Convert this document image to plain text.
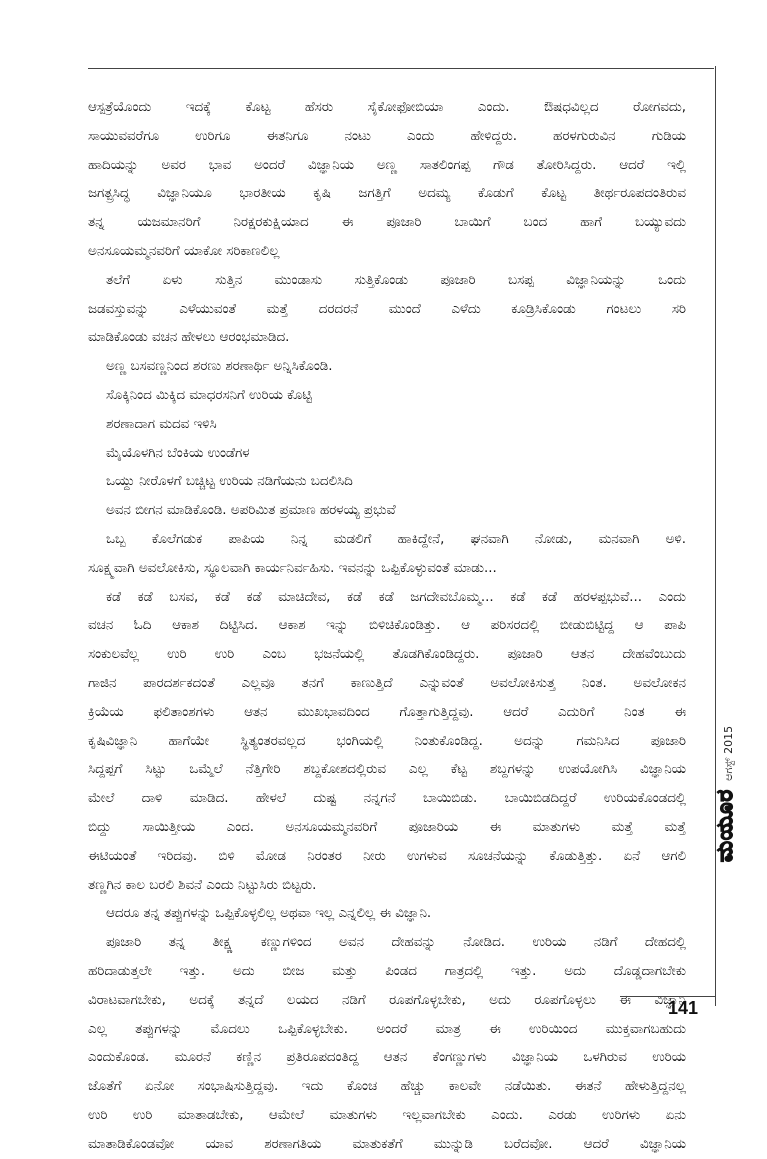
ಆಸ್ಪತ್ರೆಯೊಂದು ಇದಕ್ಕೆ ಕೊಟ್ಟ ಹೆಸರು ಸೈಕೋಫೋಬಿಯಾ ಎಂದು. ಔಷಧವಿಲ್ಲದ ರೋಗವದು,
ಸಾಯುವವರೆಗೂ ಉರಿಗೂ ಈತನಿಗೂ ನಂಟು ಎಂದು ಹೇಳಿದ್ದರು. ಹರಳಗುರುವಿನ ಗುಡಿಯ
ಹಾದಿಯನ್ನು ಅವರ ಭಾವ ಅಂದರೆ ವಿಜ್ಞಾನಿಯ ಅಣ್ಣ ಸಾತಲಿಂಗಪ್ಪ ಗೌಡ ತೋರಿಸಿದ್ದರು. ಆದರೆ ಇಲ್ಲಿ
ಜಗತ್ಪ್ರಸಿದ್ಧ ವಿಜ್ಞಾನಿಯೂ ಭಾರತೀಯ ಕೃಷಿ ಜಗತ್ತಿಗೆ ಅದಮ್ಯ ಕೊಡುಗೆ ಕೊಟ್ಟ ತೀರ್ಥರೂಪದಂತಿರುವ
ತನ್ನ ಯಜಮಾನರಿಗೆ ನಿರಕ್ಷರಕುಕ್ಷಿಯಾದ ಈ ಪೂಜಾರಿ ಬಾಯಿಗೆ ಬಂದ ಹಾಗೆ ಬಯ್ಯುವದು
ಅನಸೂಯಮ್ಮನವರಿಗೆ ಯಾಕೋ ಸರಿಕಾಣಲಿಲ್ಲ
ತಲೆಗೆ ಏಳು ಸುತ್ತಿನ ಮುಂಡಾಸು ಸುತ್ತಿಕೊಂಡು ಪೂಜಾರಿ ಬಸಪ್ಪ ವಿಜ್ಞಾನಿಯನ್ನು ಒಂದು
ಜಡವಸ್ತುವನ್ನು ಎಳೆಯುವಂತೆ ಮತ್ತೆ ದರದರನೆ ಮುಂದೆ ಎಳೆದು ಕೂಡ್ರಿಸಿಕೊಂಡು ಗಂಟಲು ಸರಿ
ಮಾಡಿಕೊಂಡು ವಚನ ಹೇಳಲು ಆರಂಭಮಾಡಿದ.
ಅಣ್ಣ ಬಸವಣ್ಣನಿಂದ ಶರಣು ಶರಣಾರ್ಥಿ ಅನ್ನಿಸಿಕೊಂಡಿ.
ಸೊಕ್ಕಿನಿಂದ ಮಿಕ್ಕಿದ ಮಾಧರಸನಿಗೆ ಉರಿಯ ಕೊಟ್ಟಿ
ಶರಣಾದಾಗ ಮದವ ಇಳಿಸಿ
ಮೈಯೊಳಗಿನ ಬೆಂಕಿಯ ಉಂಡೆಗಳ
ಒಯ್ದು ನೀರೊಳಗೆ ಬಚ್ಚಿಟ್ಟ ಉರಿಯ ನಡಿಗೆಯನು ಬದಲಿಸಿದಿ
ಅವನ ಬೀಗನ ಮಾಡಿಕೊಂಡಿ. ಅಪರಿಮಿತ ಪ್ರಮಾಣ ಹರಳಯ್ಯ ಪ್ರಭುವೆ
ಒಬ್ಬ ಕೊಲೆಗಡುಕ ಪಾಪಿಯ ನಿನ್ನ ಮಡಲಿಗೆ ಹಾಕಿದ್ದೇನೆ, ಘನವಾಗಿ ನೋಡು, ಮನವಾಗಿ ಅಳಿ.
ಸೂಕ್ಷ್ಮವಾಗಿ ಅವಲೋಕಿಸು, ಸ್ಥೂಲವಾಗಿ ಕಾರ್ಯನಿರ್ವಹಿಸು. ಇವನನ್ನು ಒಪ್ಪಿಕೊಳ್ಳುವಂತೆ ಮಾಡು...
ಕಡೆ ಕಡೆ ಬಸವ, ಕಡೆ ಕಡೆ ಮಾಚಿದೇವ, ಕಡೆ ಕಡೆ ಜಗದೇವಬೊಮ್ಮ... ಕಡೆ ಕಡೆ ಹರಳಪ್ಪಭುವೆ... ಎಂದು
ವಚನ ಓದಿ ಆಕಾಶ ದಿಟ್ಟಿಸಿದ. ಆಕಾಶ ಇನ್ನು ಬಿಳಿಚಿಕೊಂಡಿತ್ತು. ಆ ಪರಿಸರದಲ್ಲಿ ಬೀಡುಬಿಟ್ಟಿದ್ದ ಆ ಪಾಪಿ
ಸಂಕುಲವೆಲ್ಲ ಉರಿ ಉರಿ ಎಂಬ ಭಜನೆಯಲ್ಲಿ ತೊಡಗಿಕೊಂಡಿದ್ದರು. ಪೂಜಾರಿ ಆತನ ದೇಹವೆಂಬುದು
ಗಾಜಿನ ಪಾರದರ್ಶಕದಂತೆ ಎಲ್ಲವೂ ತನಗೆ ಕಾಣುತ್ತಿದೆ ಎನ್ನುವಂತೆ ಅವಲೋಕಿಸುತ್ತ ನಿಂತ. ಅವಲೋಕನ
ಕ್ರಿಯೆಯ ಫಲಿತಾಂಶಗಳು ಆತನ ಮುಖಭಾವದಿಂದ ಗೊತ್ತಾಗುತ್ತಿದ್ದವು. ಆದರೆ ಎದುರಿಗೆ ನಿಂತ ಈ
ಕೃಷಿವಿಜ್ಞಾನಿ ಹಾಗೆಯೇ ಸ್ಥಿತ್ಯಂತರವಲ್ಲದ ಭಂಗಿಯಲ್ಲಿ ನಿಂತುಕೊಂಡಿದ್ದ. ಅದನ್ನು ಗಮನಿಸಿದ ಪೂಜಾರಿ
ಸಿದ್ದಪ್ಪಗೆ ಸಿಟ್ಟು ಒಮ್ಮೆಲೆ ನೆತ್ತಿಗೇರಿ ಶಬ್ದಕೋಶದಲ್ಲಿರುವ ಎಲ್ಲ ಕೆಟ್ಟ ಶಬ್ದಗಳನ್ನು ಉಪಯೋಗಿಸಿ ವಿಜ್ಞಾನಿಯ
ಮೇಲೆ ದಾಳಿ ಮಾಡಿದ. ಹೇಳಲೆ ದುಷ್ಟ ನನ್ನಗನೆ ಬಾಯಿಬಿಡು. ಬಾಯಿಬಿಡದಿದ್ದರೆ ಉರಿಯಕೊಂಡದಲ್ಲಿ
ಬಿದ್ದು ಸಾಯಿತ್ತೀಯ ಎಂದ. ಅನಸೂಯಮ್ಮನವರಿಗೆ ಪೂಜಾರಿಯ ಈ ಮಾತುಗಳು ಮತ್ತೆ ಮತ್ತೆ
ಈಟಿಯಂತೆ ಇರಿದವು. ಬಿಳಿ ಮೋಡ ನಿರಂತರ ನೀರು ಉಗಳುವ ಸೂಚನೆಯನ್ನು ಕೊಡುತ್ತಿತ್ತು. ಏನೆ ಆಗಲಿ
ತಣ್ಣಗಿನ ಕಾಲ ಬರಲಿ ಶಿವನೆ ಎಂದು ನಿಟ್ಟುಸಿರು ಬಿಟ್ಟರು.
ಆದರೂ ತನ್ನ ತಪ್ಪುಗಳನ್ನು ಒಪ್ಪಿಕೊಳ್ಳಲಿಲ್ಲ ಅಥವಾ ಇಲ್ಲ ಎನ್ನಲಿಲ್ಲ ಈ ವಿಜ್ಞಾನಿ.
ಪೂಜಾರಿ ತನ್ನ ತೀಕ್ಷ್ಣ ಕಣ್ಣುಗಳಿಂದ ಅವನ ದೇಹವನ್ನು ನೋಡಿದ. ಉರಿಯ ನಡಿಗೆ ದೇಹದಲ್ಲಿ
ಹರಿದಾಡುತ್ತಲೇ ಇತ್ತು. ಅದು ಬೀಜ ಮತ್ತು ಪಿಂಡದ ಗಾತ್ರದಲ್ಲಿ ಇತ್ತು. ಅದು ದೊಡ್ಡದಾಗಬೇಕು
ವಿರಾಟವಾಗಬೇಕು, ಅದಕ್ಕೆ ತನ್ನದೆ ಲಯದ ನಡಿಗೆ ರೂಪಗೊಳ್ಳಬೇಕು, ಅದು ರೂಪಗೊಳ್ಳಲು ಈ ವಿಜ್ಞಾನಿ
ಎಲ್ಲ ತಪ್ಪುಗಳನ್ನು ಮೊದಲು ಒಪ್ಪಿಕೊಳ್ಳಬೇಕು. ಅಂದರೆ ಮಾತ್ರ ಈ ಉರಿಯಿಂದ ಮುಕ್ತವಾಗಬಹುದು
ಎಂದುಕೊಂಡ. ಮೂರನೆ ಕಣ್ಣಿನ ಪ್ರತಿರೂಪದಂತಿದ್ದ ಆತನ ಕೆಂಗಣ್ಣುಗಳು ವಿಜ್ಞಾನಿಯ ಒಳಗಿರುವ ಉರಿಯ
ಜೊತೆಗೆ ಏನೋ ಸಂಭಾಷಿಸುತ್ತಿದ್ದವು. ಇದು ಕೊಂಚ ಹೆಚ್ಚು ಕಾಲವೇ ನಡೆಯಿತು. ಈತನೆ ಹೇಳುತ್ತಿದ್ದನಲ್ಲ
ಉರಿ ಉರಿ ಮಾತಾಡಬೇಕು, ಆಮೇಲೆ ಮಾತುಗಳು ಇಲ್ಲವಾಗಬೇಕು ಎಂದು. ಎರಡು ಉರಿಗಳು ಏನು
ಮಾತಾಡಿಕೊಂಡವೋ ಯಾವ ಶರಣಾಗತಿಯ ಮಾತುಕತೆಗೆ ಮುನ್ನುಡಿ ಬರೆದವೋ. ಆದರೆ ವಿಜ್ಞಾನಿಯ
ಮಯೂರ
ಆಗಸ್ಟ್ 2015
141
